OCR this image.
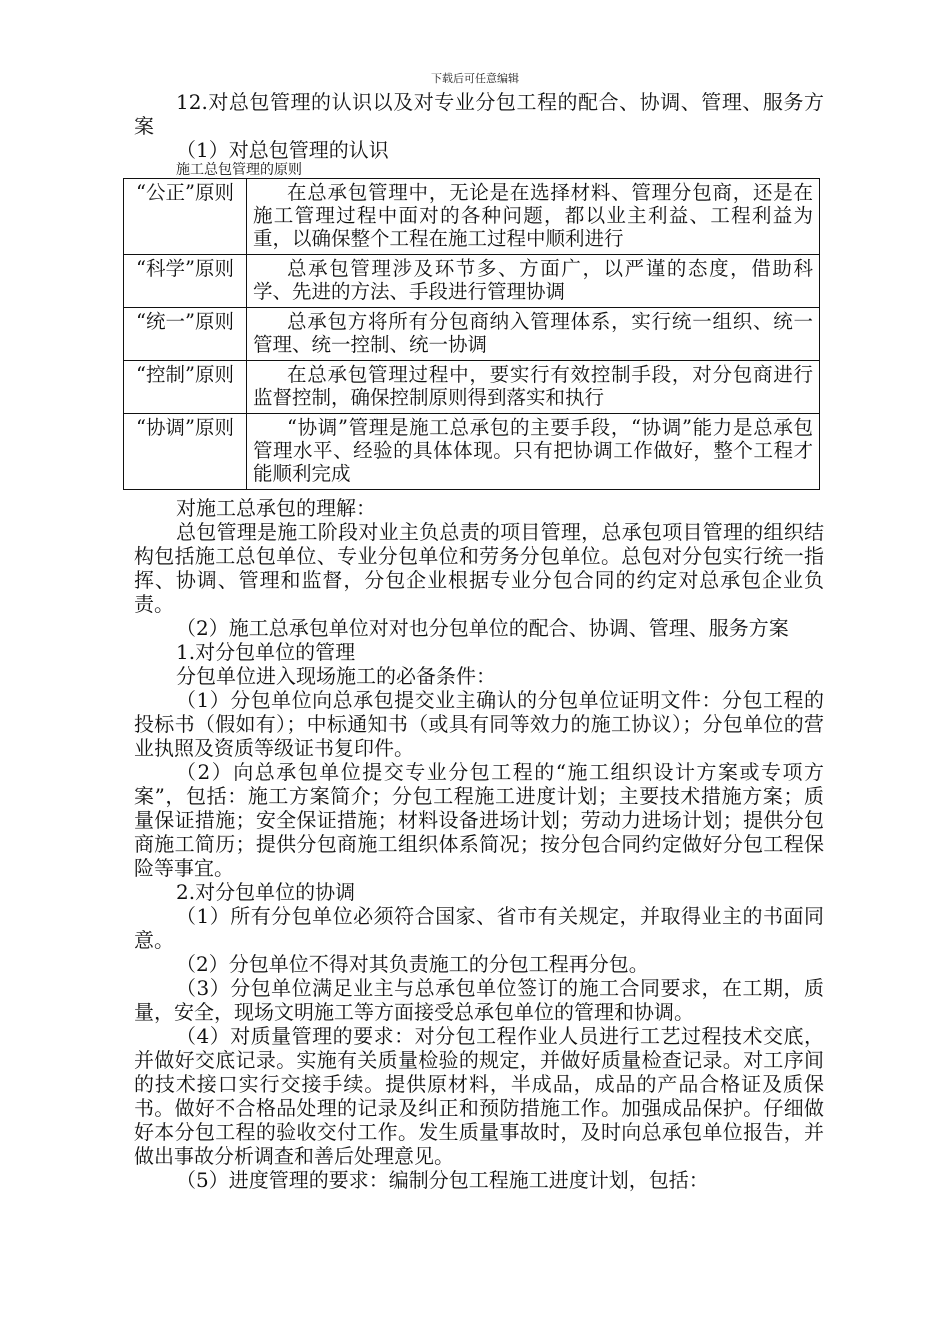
下载后可任意编辑

12.对总包管理的认识以及对专业分包工程的配合、协调、管理、服务方案

（1）对总包管理的认识

施工总包管理的原则

“公正”原则	在总承包管理中，无论是在选择材料、管理分包商，还是在施工管理过程中面对的各种问题，都以业主利益、工程利益为重，以确保整个工程在施工过程中顺利进行
“科学”原则	总承包管理涉及环节多、方面广，以严谨的态度，借助科学、先进的方法、手段进行管理协调
“统一”原则	总承包方将所有分包商纳入管理体系，实行统一组织、统一管理、统一控制、统一协调
“控制”原则	在总承包管理过程中，要实行有效控制手段，对分包商进行监督控制，确保控制原则得到落实和执行
“协调”原则	“协调”管理是施工总承包的主要手段，“协调”能力是总承包管理水平、经验的具体体现。只有把协调工作做好，整个工程才能顺利完成

对施工总承包的理解：

总包管理是施工阶段对业主负总责的项目管理，总承包项目管理的组织结构包括施工总包单位、专业分包单位和劳务分包单位。总包对分包实行统一指挥、协调、管理和监督，分包企业根据专业分包合同的约定对总承包企业负责。

（2）施工总承包单位对对也分包单位的配合、协调、管理、服务方案

1.对分包单位的管理

分包单位进入现场施工的必备条件：

（1）分包单位向总承包提交业主确认的分包单位证明文件：分包工程的投标书（假如有）；中标通知书（或具有同等效力的施工协议）；分包单位的营业执照及资质等级证书复印件。

（2）向总承包单位提交专业分包工程的“施工组织设计方案或专项方案”，包括：施工方案简介；分包工程施工进度计划；主要技术措施方案；质量保证措施；安全保证措施；材料设备进场计划；劳动力进场计划；提供分包商施工简历；提供分包商施工组织体系简况；按分包合同约定做好分包工程保险等事宜。

2.对分包单位的协调

（1）所有分包单位必须符合国家、省市有关规定，并取得业主的书面同意。

（2）分包单位不得对其负责施工的分包工程再分包。

（3）分包单位满足业主与总承包单位签订的施工合同要求，在工期，质量，安全，现场文明施工等方面接受总承包单位的管理和协调。

（4）对质量管理的要求：对分包工程作业人员进行工艺过程技术交底，并做好交底记录。实施有关质量检验的规定，并做好质量检查记录。对工序间的技术接口实行交接手续。提供原材料，半成品，成品的产品合格证及质保书。做好不合格品处理的记录及纠正和预防措施工作。加强成品保护。仔细做好本分包工程的验收交付工作。发生质量事故时，及时向总承包单位报告，并做出事故分析调查和善后处理意见。

（5）进度管理的要求：编制分包工程施工进度计划，包括：
